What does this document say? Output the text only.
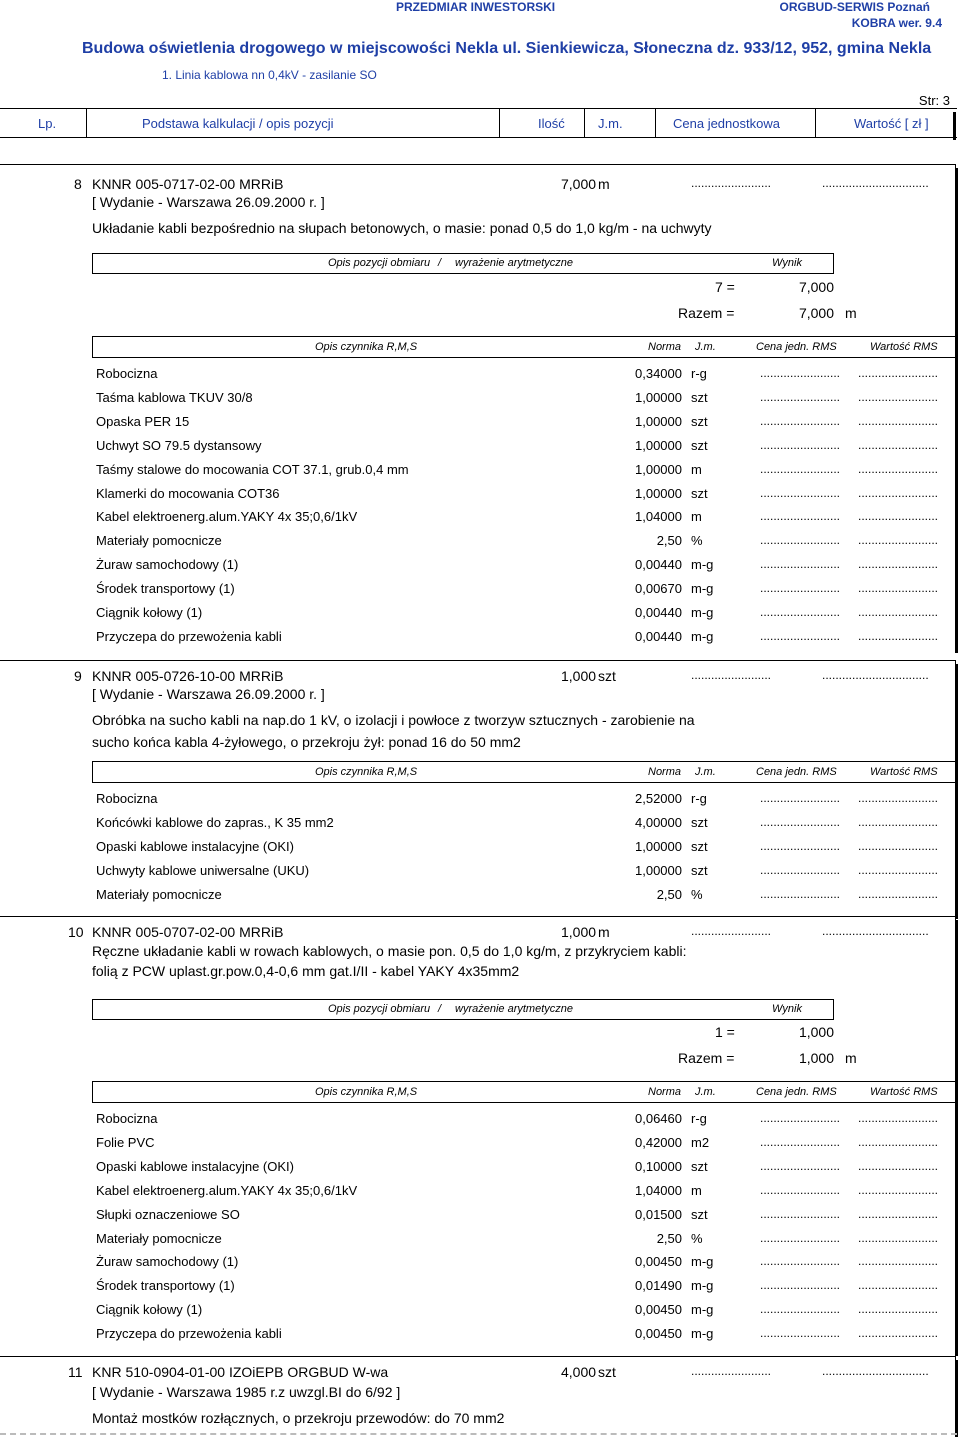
PRZEDMIAR INWESTORSKI	ORGBUD-SERWIS Poznań
KOBRA wer. 9.4
Budowa oświetlenia drogowego w miejscowości Nekla ul. Sienkiewicza, Słoneczna dz. 933/12, 952, gmina Nekla
1. Linia kablowa nn 0,4kV - zasilanie SO
Str: 3
Lp.	Podstawa kalkulacji / opis pozycji	Ilość	J.m.	Cena jednostkowa	Wartość [ zł ]
8 KNNR 005-0717-02-00 MRRiB	7,000 m	........................	................................
[ Wydanie - Warszawa 26.09.2000 r. ]
Układanie kabli bezpośrednio na słupach betonowych, o masie: ponad 0,5 do 1,0 kg/m - na uchwyty
Opis pozycji obmiaru / wyrażenie arytmetyczne	Wynik
7 =	7,000
Razem =	7,000 m
Opis czynnika R,M,S	Norma J.m.	Cena jedn. RMS	Wartość RMS
Robocizna	0,34000 r-g	........................ ........................
Taśma kablowa TKUV 30/8	1,00000 szt	........................ ........................
Opaska PER 15	1,00000 szt	........................ ........................
Uchwyt SO 79.5 dystansowy	1,00000 szt	........................ ........................
Taśmy stalowe do mocowania COT 37.1, grub.0,4 mm	1,00000 m	........................ ........................
Klamerki do mocowania COT36	1,00000 szt	........................ ........................
Kabel elektroenerg.alum.YAKY 4x 35;0,6/1kV	1,04000 m	........................ ........................
Materiały pomocnicze	2,50 %	........................ ........................
Żuraw samochodowy (1)	0,00440 m-g	........................ ........................
Środek transportowy (1)	0,00670 m-g	........................ ........................
Ciągnik kołowy (1)	0,00440 m-g	........................ ........................
Przyczepa do przewożenia kabli	0,00440 m-g	........................ ........................
9 KNNR 005-0726-10-00 MRRiB	1,000 szt	........................	................................
[ Wydanie - Warszawa 26.09.2000 r. ]
Obróbka na sucho kabli na nap.do 1 kV, o izolacji i powłoce z tworzyw sztucznych - zarobienie na
sucho końca kabla 4-żyłowego, o przekroju żył: ponad 16 do 50 mm2
Opis czynnika R,M,S	Norma J.m.	Cena jedn. RMS	Wartość RMS
Robocizna	2,52000 r-g	........................ ........................
Końcówki kablowe do zapras., K 35 mm2	4,00000 szt	........................ ........................
Opaski kablowe instalacyjne (OKI)	1,00000 szt	........................ ........................
Uchwyty kablowe uniwersalne (UKU)	1,00000 szt	........................ ........................
Materiały pomocnicze	2,50 %	........................ ........................
10 KNNR 005-0707-02-00 MRRiB	1,000 m	........................	................................
Ręczne układanie kabli w rowach kablowych, o masie pon. 0,5 do 1,0 kg/m, z przykryciem kabli:
folią z PCW uplast.gr.pow.0,4-0,6 mm gat.I/II - kabel YAKY 4x35mm2
Opis pozycji obmiaru / wyrażenie arytmetyczne	Wynik
1 =	1,000
Razem =	1,000 m
Opis czynnika R,M,S	Norma J.m.	Cena jedn. RMS	Wartość RMS
Robocizna	0,06460 r-g	........................ ........................
Folie PVC	0,42000 m2	........................ ........................
Opaski kablowe instalacyjne (OKI)	0,10000 szt	........................ ........................
Kabel elektroenerg.alum.YAKY 4x 35;0,6/1kV	1,04000 m	........................ ........................
Słupki oznaczeniowe SO	0,01500 szt	........................ ........................
Materiały pomocnicze	2,50 %	........................ ........................
Żuraw samochodowy (1)	0,00450 m-g	........................ ........................
Środek transportowy (1)	0,01490 m-g	........................ ........................
Ciągnik kołowy (1)	0,00450 m-g	........................ ........................
Przyczepa do przewożenia kabli	0,00450 m-g	........................ ........................
11 KNR 510-0904-01-00 IZOiEPB ORGBUD W-wa	4,000 szt	........................	................................
[ Wydanie - Warszawa 1985 r.z uwzgl.BI do 6/92 ]
Montaż mostków rozłącznych, o przekroju przewodów: do 70 mm2
